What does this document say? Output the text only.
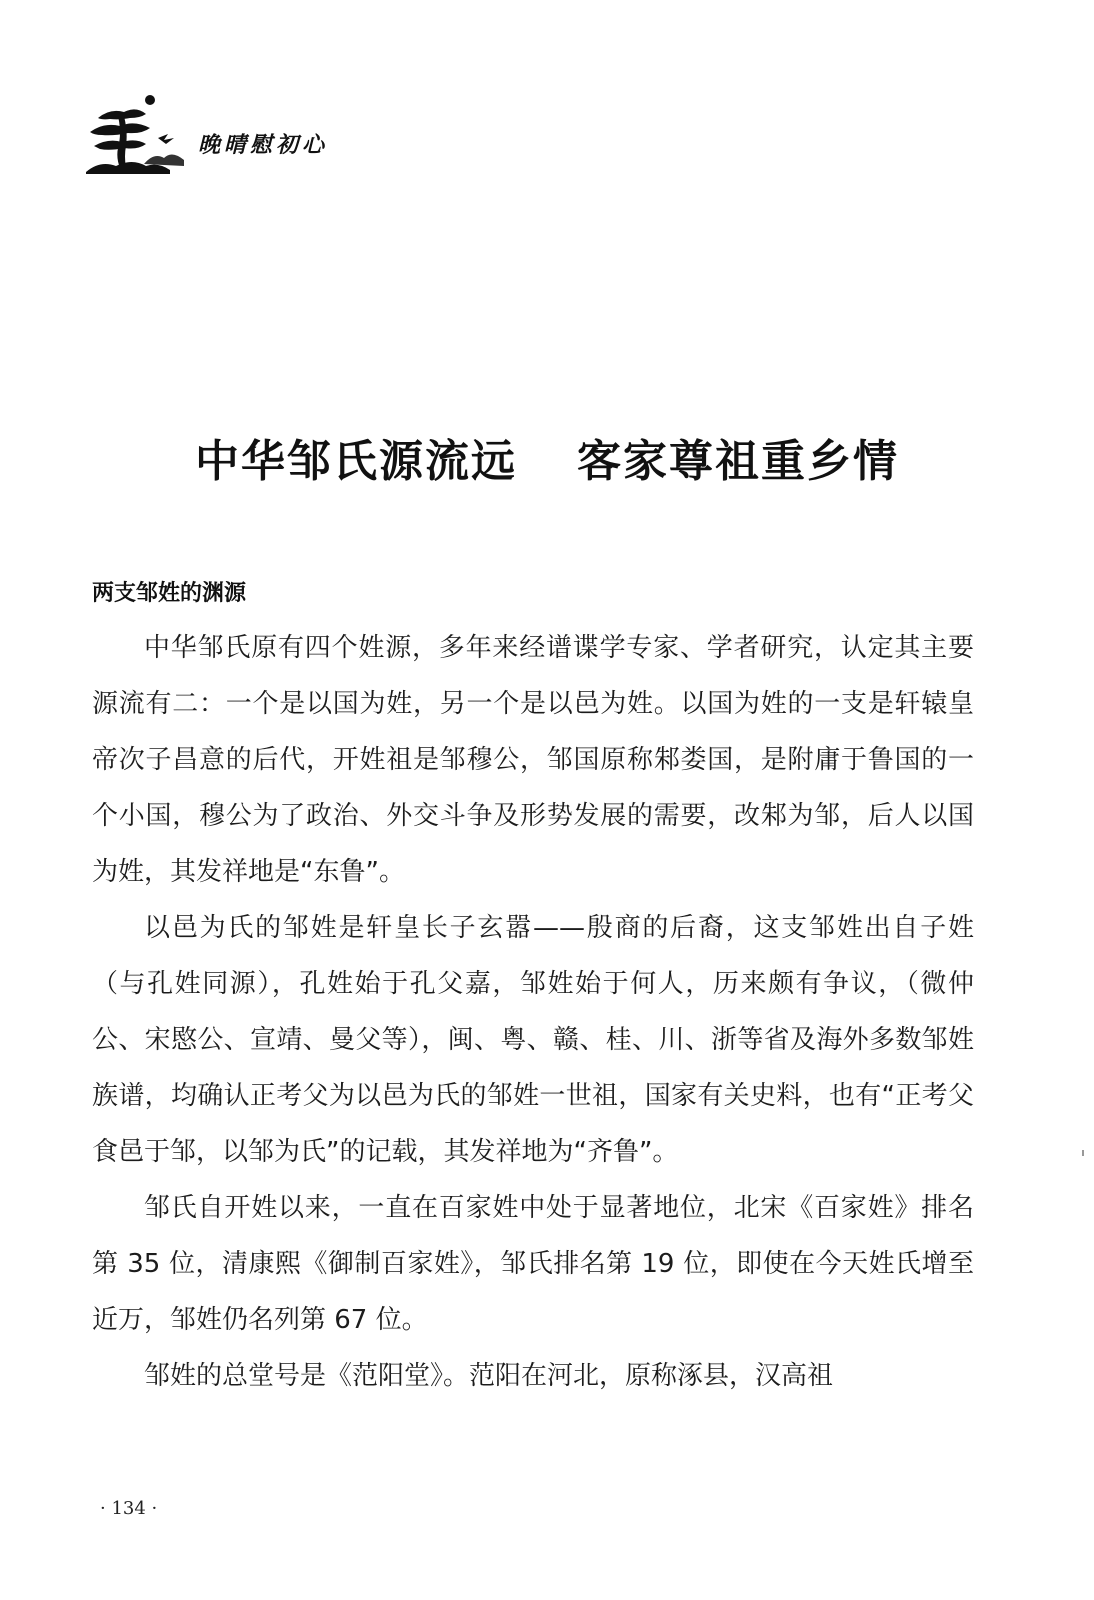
晚晴慰初心
中华邹氏源流远 客家尊祖重乡情
两支邹姓的渊源

中华邹氏原有四个姓源，多年来经谱谍学专家、学者研究，认定其主要源流有二：一个是以国为姓，另一个是以邑为姓。以国为姓的一支是轩辕皇帝次子昌意的后代，开姓祖是邹穆公，邹国原称邾娄国，是附庸于鲁国的一个小国，穆公为了政治、外交斗争及形势发展的需要，改邾为邹，后人以国为姓，其发祥地是“东鲁”。

以邑为氏的邹姓是轩皇长子玄嚣——殷商的后裔，这支邹姓出自子姓（与孔姓同源），孔姓始于孔父嘉，邹姓始于何人，历来颇有争议，（微仲公、宋愍公、宣靖、曼父等），闽、粤、赣、桂、川、浙等省及海外多数邹姓族谱，均确认正考父为以邑为氏的邹姓一世祖，国家有关史料，也有“正考父食邑于邹，以邹为氏”的记载，其发祥地为“齐鲁”。

邹氏自开姓以来，一直在百家姓中处于显著地位，北宋《百家姓》排名第 35 位，清康熙《御制百家姓》，邹氏排名第 19 位，即使在今天姓氏增至近万，邹姓仍名列第 67 位。

邹姓的总堂号是《范阳堂》。范阳在河北，原称涿县，汉高祖

· 134 ·
